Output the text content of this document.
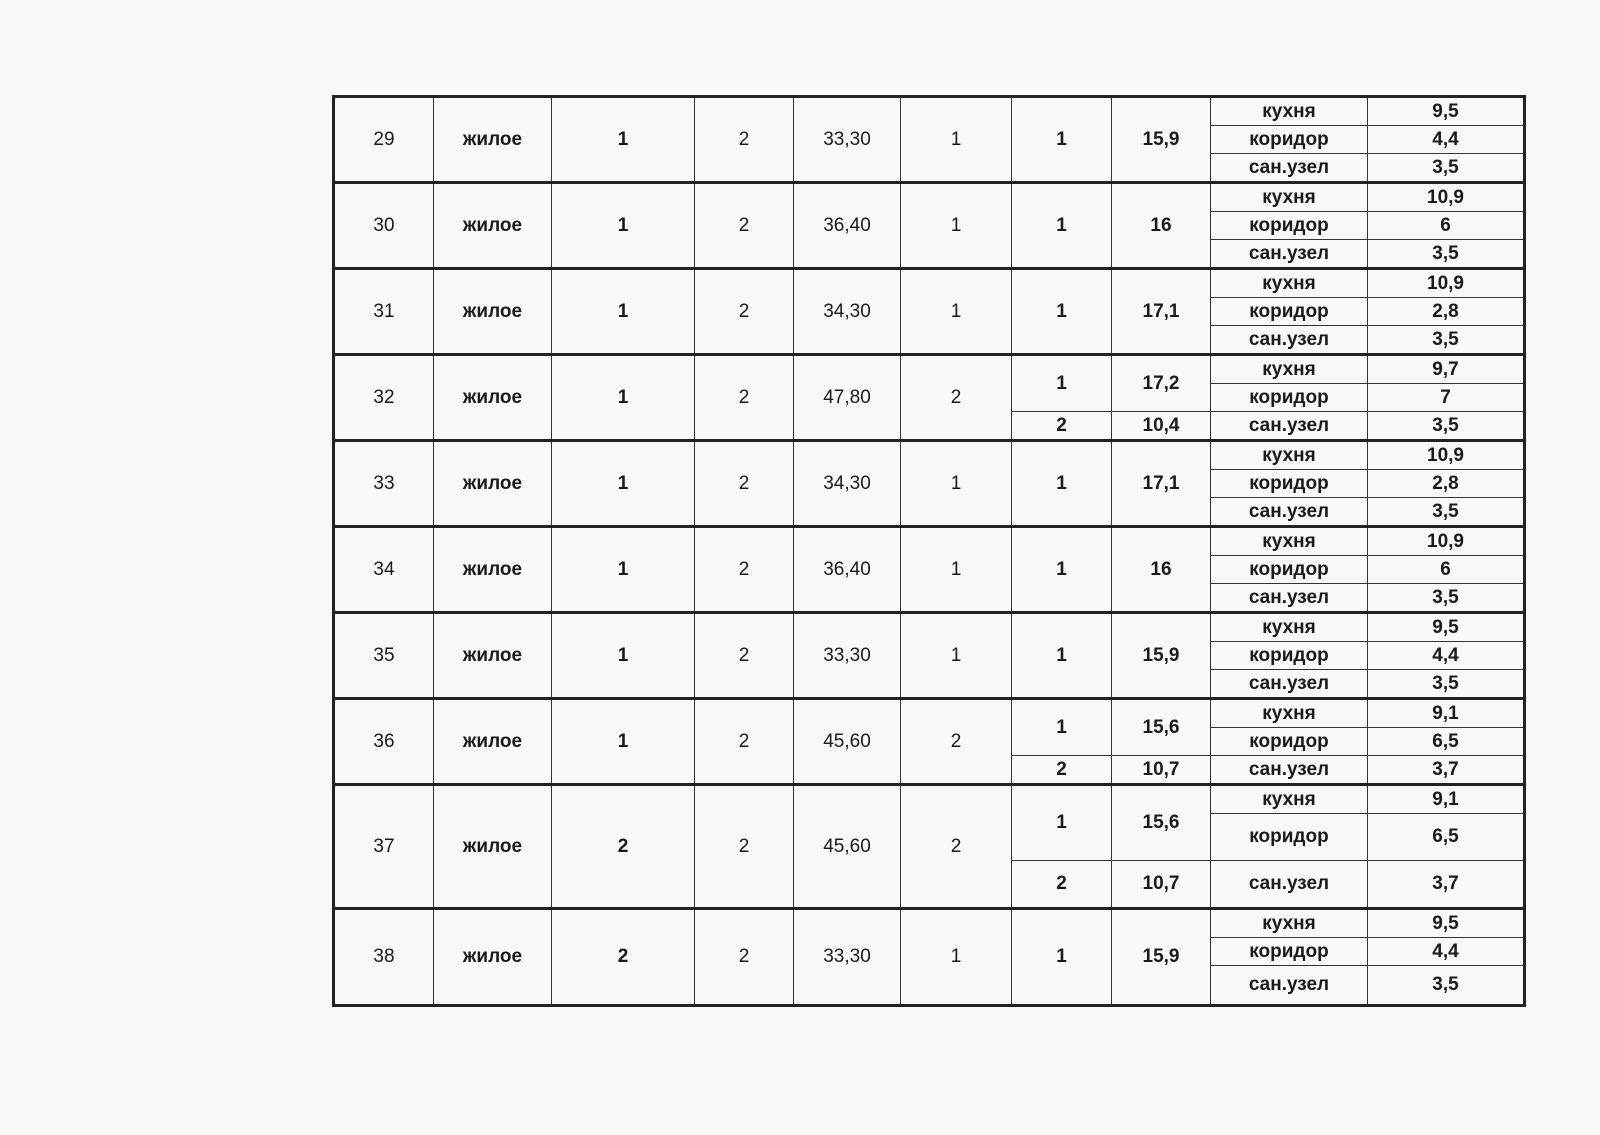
29	жилое	1	2	33,30	1	1	15,9	кухня	9,5
								коридор	4,4
								сан.узел	3,5
30	жилое	1	2	36,40	1	1	16	кухня	10,9
								коридор	6
								сан.узел	3,5
31	жилое	1	2	34,30	1	1	17,1	кухня	10,9
								коридор	2,8
								сан.узел	3,5
32	жилое	1	2	47,80	2	1	17,2	кухня	9,7
								коридор	7
						2	10,4	сан.узел	3,5
33	жилое	1	2	34,30	1	1	17,1	кухня	10,9
								коридор	2,8
								сан.узел	3,5
34	жилое	1	2	36,40	1	1	16	кухня	10,9
								коридор	6
								сан.узел	3,5
35	жилое	1	2	33,30	1	1	15,9	кухня	9,5
								коридор	4,4
								сан.узел	3,5
36	жилое	1	2	45,60	2	1	15,6	кухня	9,1
								коридор	6,5
						2	10,7	сан.узел	3,7
37	жилое	2	2	45,60	2	1	15,6	кухня	9,1
								коридор	6,5
						2	10,7	сан.узел	3,7
38	жилое	2	2	33,30	1	1	15,9	кухня	9,5
								коридор	4,4
								сан.узел	3,5
